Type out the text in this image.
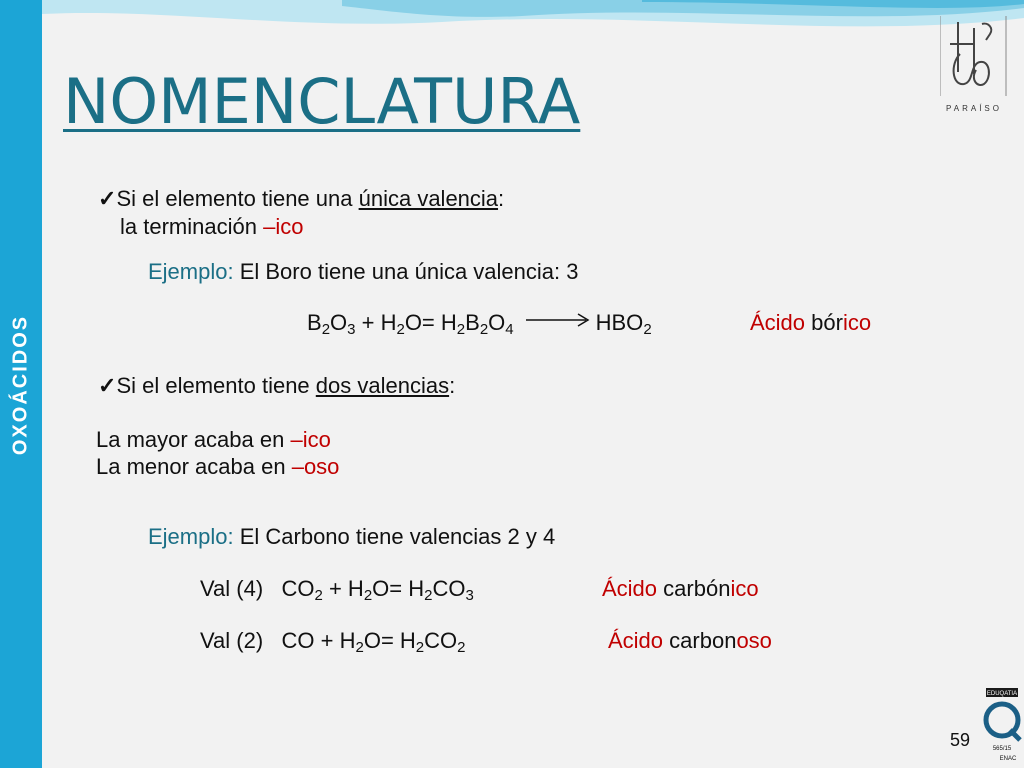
OXOÁCIDOS
NOMENCLATURA	PARAÍSO
✓Si el elemento tiene una única valencia:
la terminación –ico
Ejemplo: El Boro tiene una única valencia: 3
$B_2O_3 + H_2O= H_2B_2O_4$	$HBO_2$	Ácido bórico
✓Si el elemento tiene dos valencias:
La mayor acaba en –ico
La menor acaba en –oso
Ejemplo: El Carbono tiene valencias 2 y 4
Val (4) $CO_2 + H_2O= H_2CO_3$	Ácido carbónico
Val (2) CO + $H_2O= H_2CO_2$	Ácido carbonoso
59
EDUQATIA
565/15
ENAC
